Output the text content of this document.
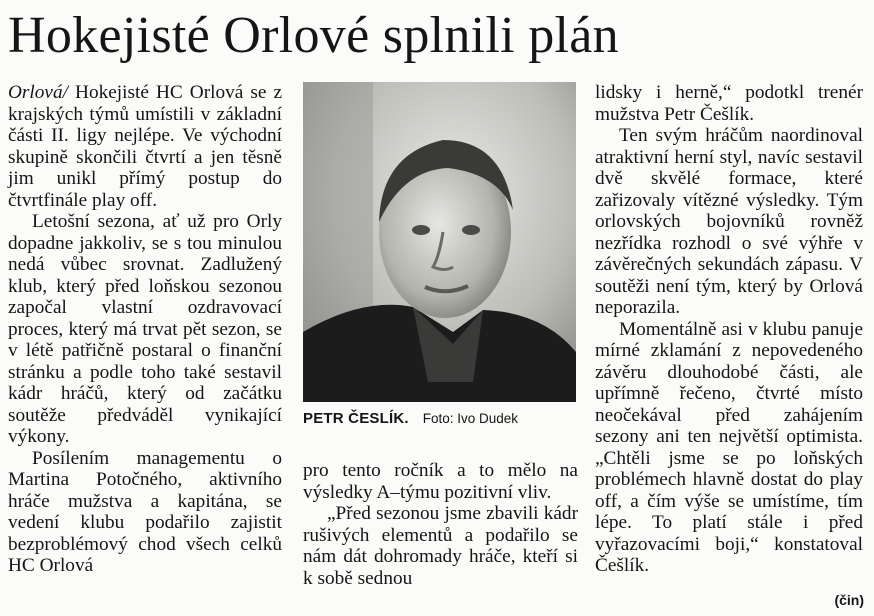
Hokejisté Orlové splnili plán

Orlová/ Hokejisté HC Orlová se z krajských týmů umístili v základní části II. ligy nejlépe. Ve východní skupině skončili čtvrtí a jen těsně jim unikl přímý postup do čtvrtfinále play off.

Letošní sezona, ať už pro Orly dopadne jakkoliv, se s tou minulou nedá vůbec srovnat. Zadlužený klub, který před loňskou sezonou započal vlastní ozdravovací proces, který má trvat pět sezon, se v létě patřičně postaral o finanční stránku a podle toho také sestavil kádr hráčů, který od začátku soutěže předváděl vynikající výkony.

Posílením managementu o Martina Potočného, aktivního hráče mužstva a kapitána, se vedení klubu podařilo zajistit bezproblémový chod všech celků HC Orlová

PETR ČESLÍK. Foto: Ivo Dudek

pro tento ročník a to mělo na výsledky A–týmu pozitivní vliv.

„Před sezonou jsme zbavili kádr rušivých elementů a podařilo se nám dát dohromady hráče, kteří si k sobě sednou

lidsky i herně,“ podotkl trenér mužstva Petr Češlík.

Ten svým hráčům naordinoval atraktivní herní styl, navíc sestavil dvě skvělé formace, které zařizovaly vítězné výsledky. Tým orlovských bojovníků rovněž nezřídka rozhodl o své výhře v závěrečných sekundách zápasu. V soutěži není tým, který by Orlová neporazila.

Momentálně asi v klubu panuje mírné zklamání z nepovedeného závěru dlouhodobé části, ale upřímně řečeno, čtvrté místo neočekával před zahájením sezony ani ten největší optimista. „Chtěli jsme se po loňských problémech hlavně dostat do play off, a čím výše se umístíme, tím lépe. To platí stále i před vyřazovacími boji,“ konstatoval Češlík.

(čin)
